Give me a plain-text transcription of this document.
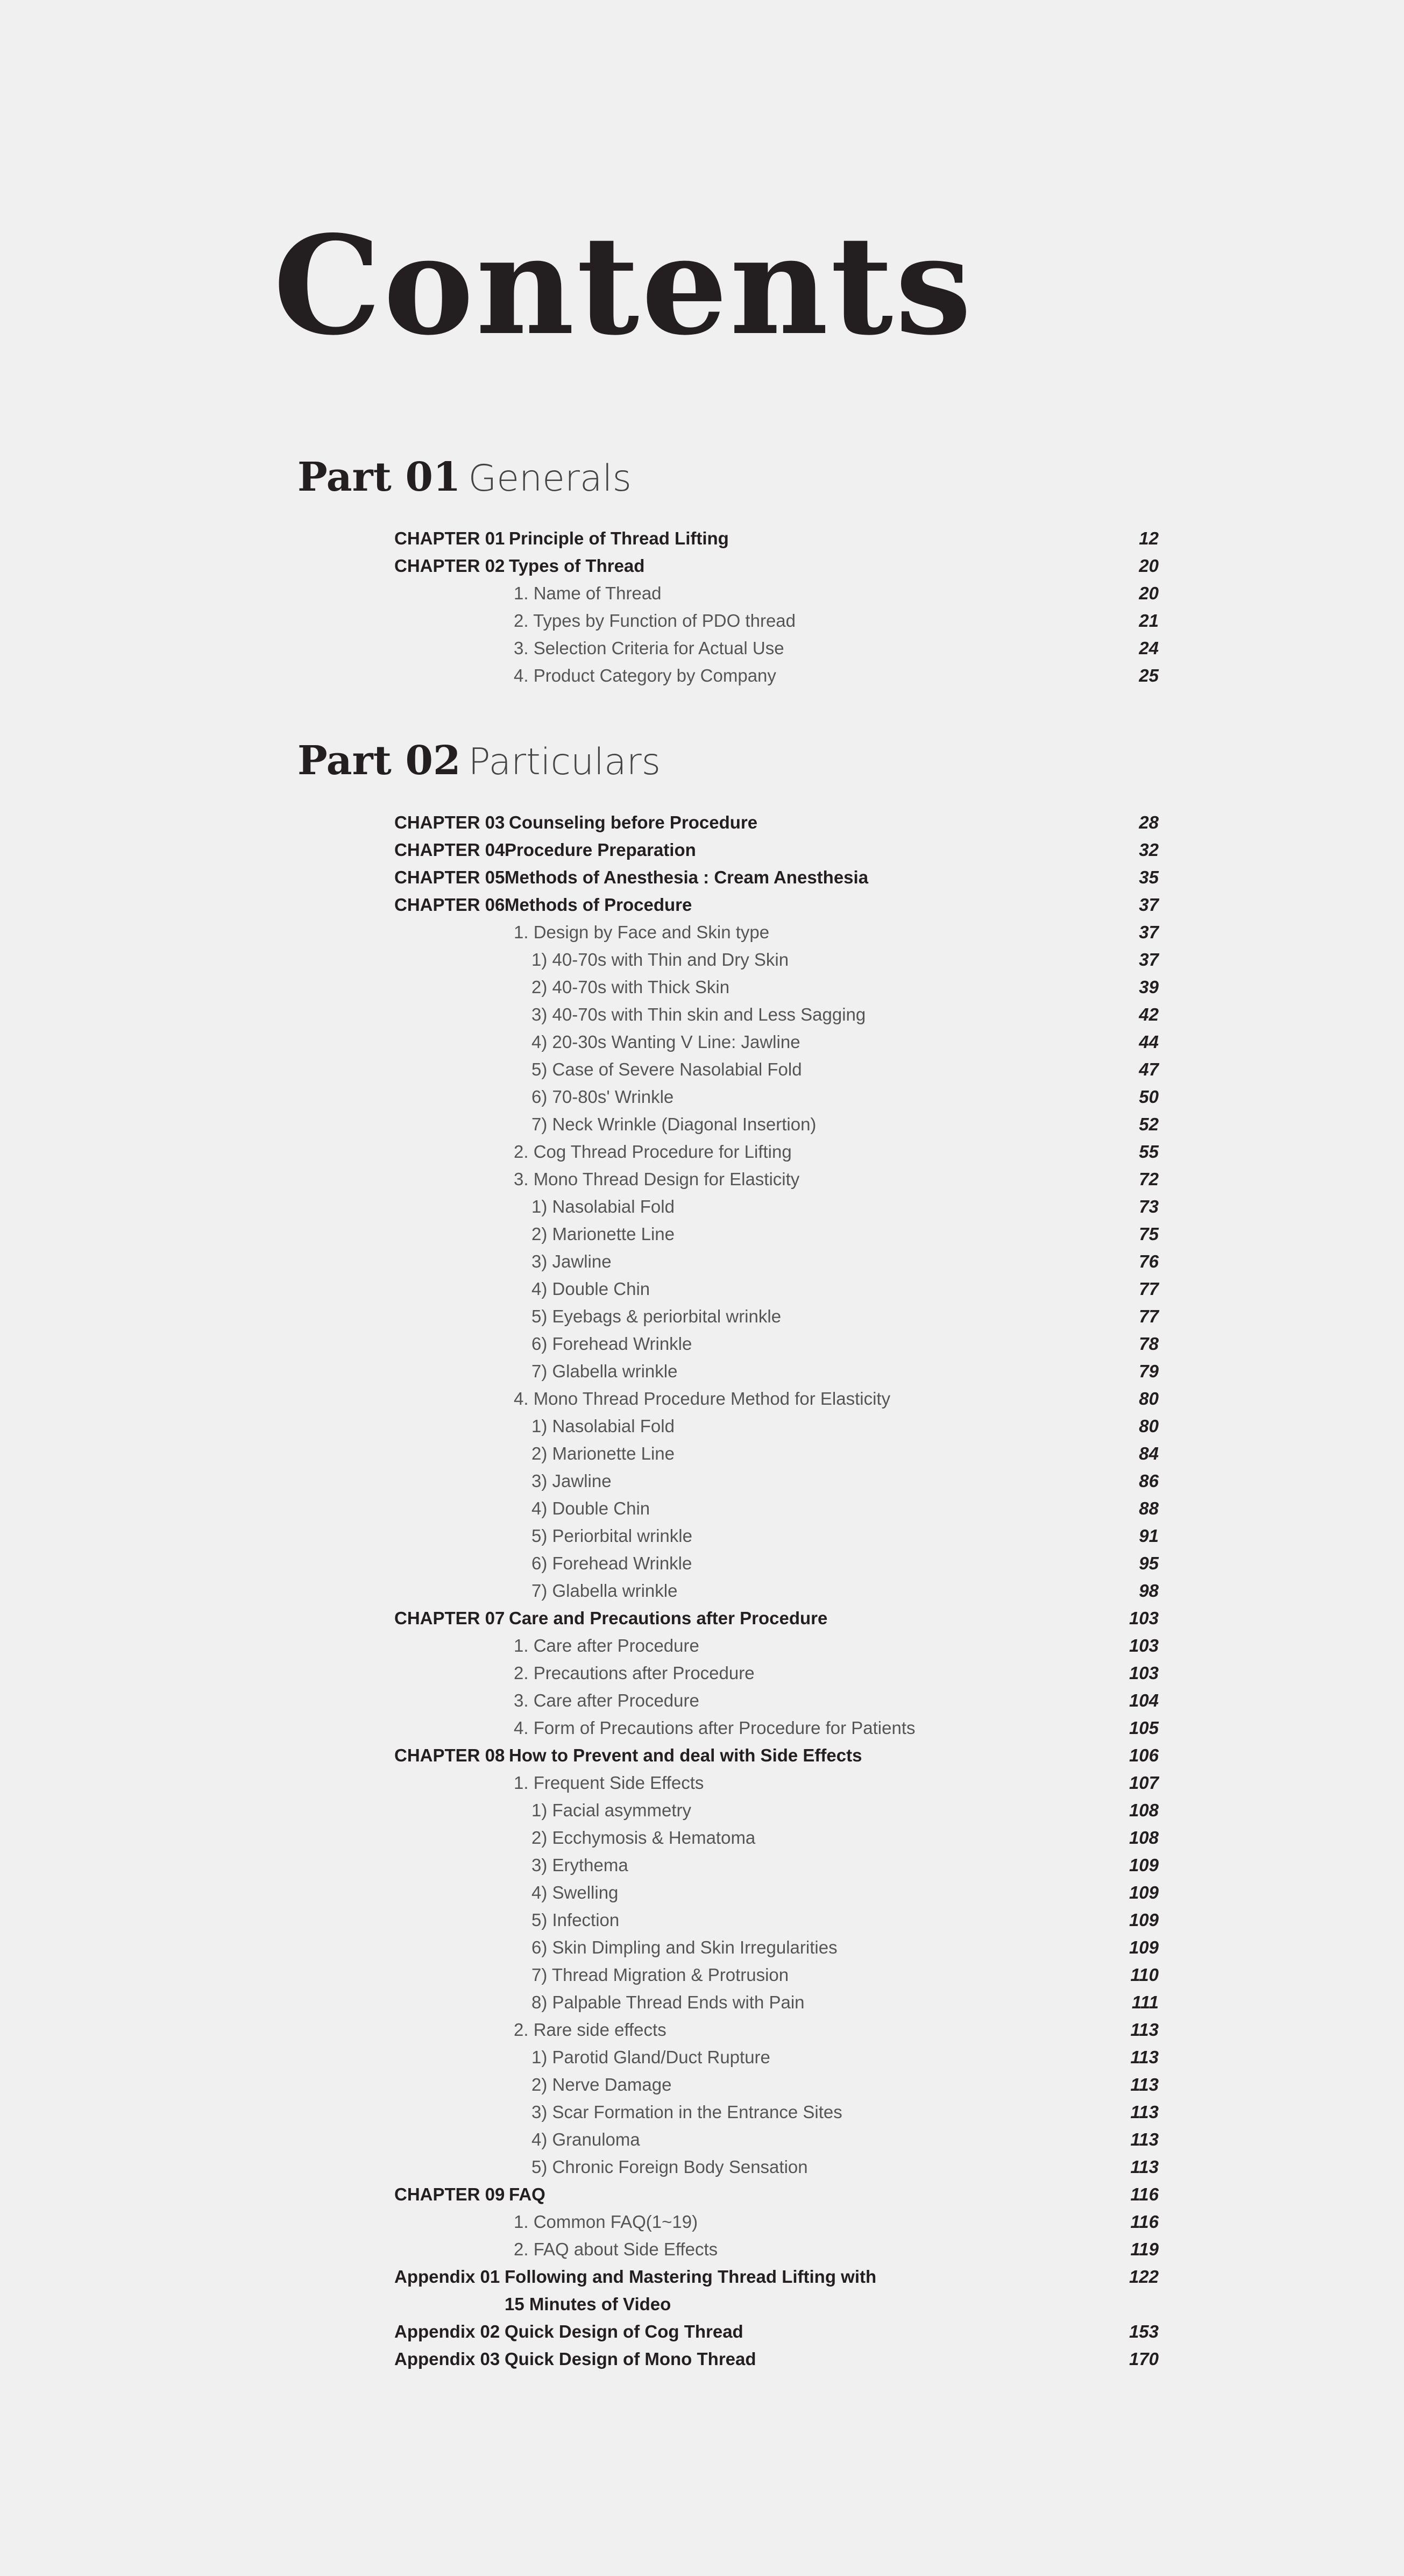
Contents
Part 01 Generals
CHAPTER 01 Principle of Thread Lifting	12
CHAPTER 02 Types of Thread	20
1. Name of Thread	20
2. Types by Function of PDO thread	21
3. Selection Criteria for Actual Use	24
4. Product Category by Company	25
Part 02 Particulars
CHAPTER 03 Counseling before Procedure	28
CHAPTER 04 Procedure Preparation	32
CHAPTER 05 Methods of Anesthesia : Cream Anesthesia	35
CHAPTER 06 Methods of Procedure	37
1. Design by Face and Skin type	37
1) 40-70s with Thin and Dry Skin	37
2) 40-70s with Thick Skin	39
3) 40-70s with Thin skin and Less Sagging	42
4) 20-30s Wanting V Line: Jawline	44
5) Case of Severe Nasolabial Fold	47
6) 70-80s' Wrinkle	50
7) Neck Wrinkle (Diagonal Insertion)	52
2. Cog Thread Procedure for Lifting	55
3. Mono Thread Design for Elasticity	72
1) Nasolabial Fold	73
2) Marionette Line	75
3) Jawline	76
4) Double Chin	77
5) Eyebags & periorbital wrinkle	77
6) Forehead Wrinkle	78
7) Glabella wrinkle	79
4. Mono Thread Procedure Method for Elasticity	80
1) Nasolabial Fold	80
2) Marionette Line	84
3) Jawline	86
4) Double Chin	88
5) Periorbital wrinkle	91
6) Forehead Wrinkle	95
7) Glabella wrinkle	98
CHAPTER 07 Care and Precautions after Procedure	103
1. Care after Procedure	103
2. Precautions after Procedure	103
3. Care after Procedure	104
4. Form of Precautions after Procedure for Patients	105
CHAPTER 08 How to Prevent and deal with Side Effects	106
1. Frequent Side Effects	107
1) Facial asymmetry	108
2) Ecchymosis & Hematoma	108
3) Erythema	109
4) Swelling	109
5) Infection	109
6) Skin Dimpling and Skin Irregularities	109
7) Thread Migration & Protrusion	110
8) Palpable Thread Ends with Pain	111
2. Rare side effects	113
1) Parotid Gland/Duct Rupture	113
2) Nerve Damage	113
3) Scar Formation in the Entrance Sites	113
4) Granuloma	113
5) Chronic Foreign Body Sensation	113
CHAPTER 09 FAQ	116
1. Common FAQ(1~19)	116
2. FAQ about Side Effects	119
Appendix 01 Following and Mastering Thread Lifting with	122
15 Minutes of Video
Appendix 02 Quick Design of Cog Thread	153
Appendix 03 Quick Design of Mono Thread	170
